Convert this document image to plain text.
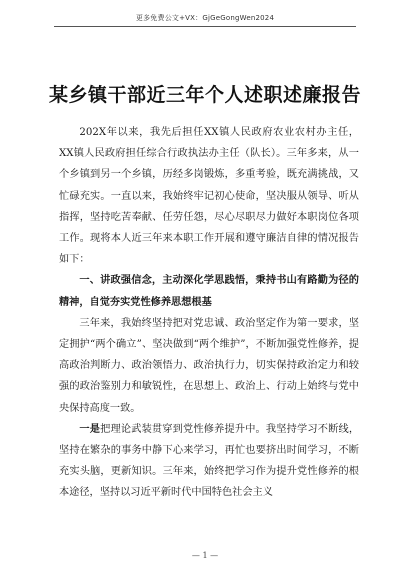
更多免费公文+VX：GjGeGongWen2024
某乡镇干部近三年个人述职述廉报告

202X年以来，我先后担任XX镇人民政府农业农村办主任，XX镇人民政府担任综合行政执法办主任（队长）。三年多来，从一个乡镇到另一个乡镇，历经多岗锻炼，多重考验，既充满挑战，又忙碌充实。一直以来，我始终牢记初心使命，坚决服从领导、听从指挥，坚持吃苦奉献、任劳任怨，尽心尽职尽力做好本职岗位各项工作。现将本人近三年来本职工作开展和遵守廉洁自律的情况报告如下：

一、讲政强信念，主动深化学思践悟，秉持书山有路勤为径的精神，自觉夯实党性修养思想根基

三年来，我始终坚持把对党忠诚、政治坚定作为第一要求，坚定拥护“两个确立”、坚决做到“两个维护”，不断加强党性修养，提高政治判断力、政治领悟力、政治执行力，切实保持政治定力和较强的政治鉴别力和敏锐性，在思想上、政治上、行动上始终与党中央保持高度一致。

一是把理论武装贯穿到党性修养提升中。我坚持学习不断线，坚持在繁杂的事务中静下心来学习，再忙也要挤出时间学习，不断充实头脑，更新知识。三年来，始终把学习作为提升党性修养的根本途径，坚持以习近平新时代中国特色社会主义

— 1 —
